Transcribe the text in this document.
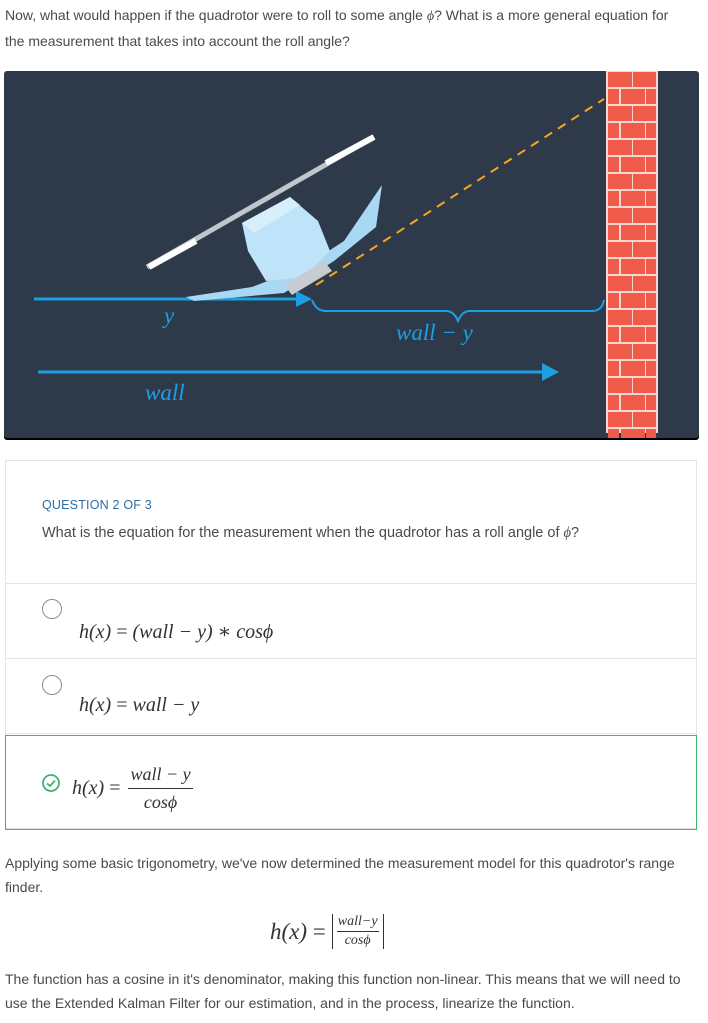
Now, what would happen if the quadrotor were to roll to some angle ϕ? What is a more general equation for the measurement that takes into account the roll angle?
y
wall − y
wall
QUESTION 2 OF 3
What is the equation for the measurement when the quadrotor has a roll angle of ϕ?
h(x) = (wall − y) ∗ cosϕ
h(x) = wall − y
h(x) =	
wall − y
cosϕ
Applying some basic trigonometry, we've now determined the measurement model for this quadrotor's range finder.
h(x) =	wall−y
cosϕ
The function has a cosine in it's denominator, making this function non-linear. This means that we will need to use the Extended Kalman Filter for our estimation, and in the process, linearize the function.
